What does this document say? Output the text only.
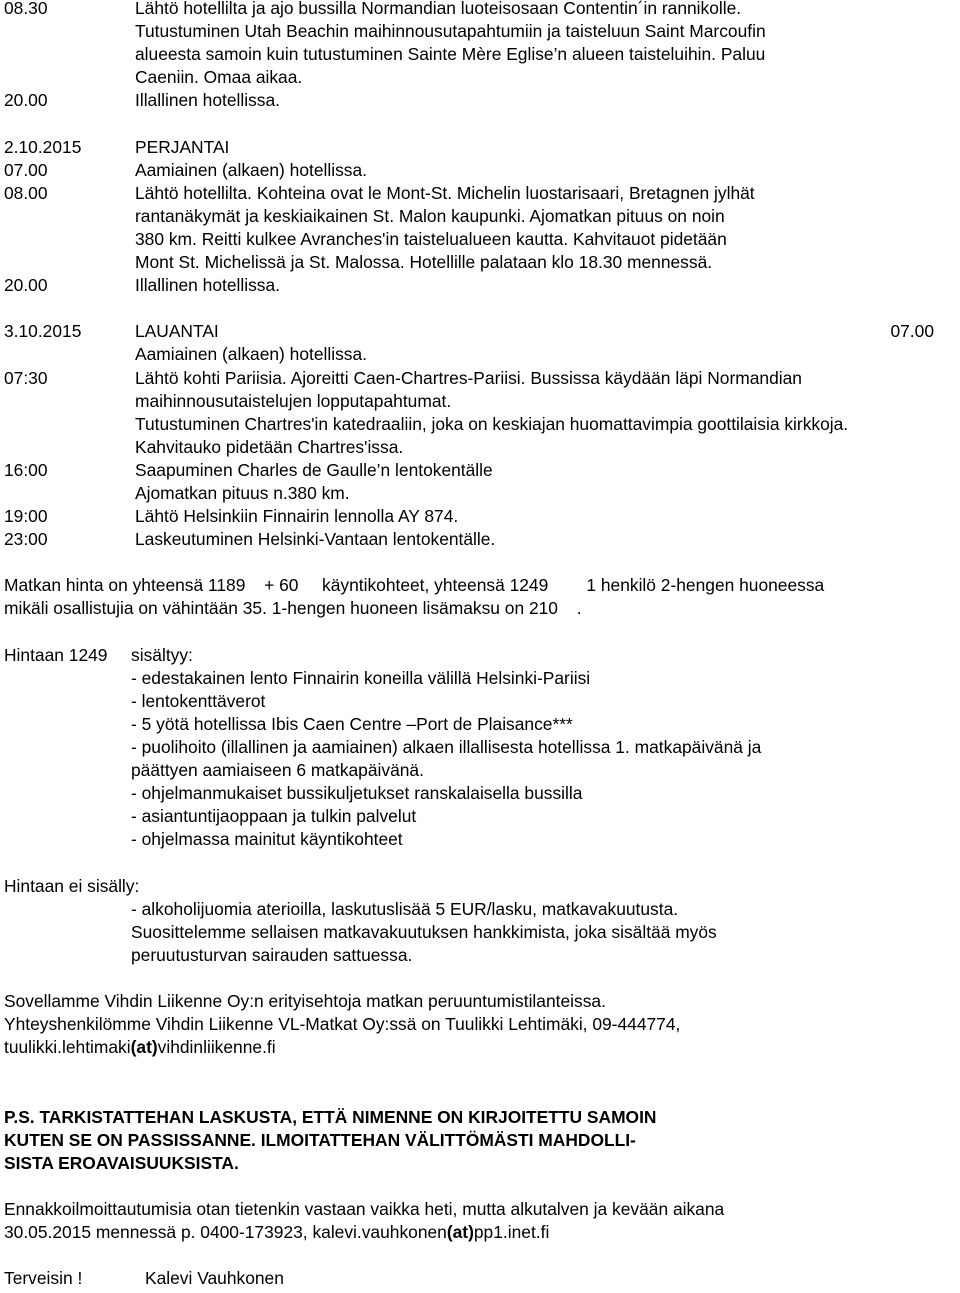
08.30	Lähtö hotellilta ja ajo bussilla Normandian luoteisosaan Contentin´in rannikolle.
Tutustuminen Utah Beachin maihinnousutapahtumiin ja taisteluun Saint Marcoufin
alueesta samoin kuin tutustuminen Sainte Mère Eglise’n alueen taisteluihin. Paluu
Caeniin. Omaa aikaa.
20.00	Illallinen hotellissa.
2.10.2015	PERJANTAI
07.00	Aamiainen (alkaen) hotellissa.
08.00	Lähtö hotellilta. Kohteina ovat le Mont-St. Michelin luostarisaari, Bretagnen jylhät
rantanäkymät ja keskiaikainen St. Malon kaupunki. Ajomatkan pituus on noin
380 km. Reitti kulkee Avranches'in taistelualueen kautta. Kahvitauot pidetään
Mont St. Michelissä ja St. Malossa. Hotellille palataan klo 18.30 mennessä.
20.00	Illallinen hotellissa.
3.10.2015	LAUANTAI	07.00
Aamiainen (alkaen) hotellissa.
07:30	Lähtö kohti Pariisia. Ajoreitti Caen-Chartres-Pariisi. Bussissa käydään läpi Normandian
maihinnousutaistelujen lopputapahtumat.
Tutustuminen Chartres'in katedraaliin, joka on keskiajan huomattavimpia goottilaisia kirkkoja.
Kahvitauko pidetään Chartres'issa.
16:00	Saapuminen Charles de Gaulle’n lentokentälle
Ajomatkan pituus n.380 km.
19:00	Lähtö Helsinkiin Finnairin lennolla AY 874.
23:00	Laskeutuminen Helsinki-Vantaan lentokentälle.
Matkan hinta on yhteensä 1189 + 60  käyntikohteet, yhteensä 1249     1 henkilö 2-hengen huoneessa
mikäli osallistujia on vähintään 35. 1-hengen huoneen lisämaksu on 210 .
Hintaan 1249  sisältyy:
- edestakainen lento Finnairin koneilla välillä Helsinki-Pariisi
- lentokenttäverot
- 5 yötä hotellissa Ibis Caen Centre –Port de Plaisance***
- puolihoito (illallinen ja aamiainen) alkaen illallisesta hotellissa 1. matkapäivänä ja
päättyen aamiaiseen 6 matkapäivänä.
- ohjelmanmukaiset bussikuljetukset ranskalaisella bussilla
- asiantuntijaoppaan ja tulkin palvelut
- ohjelmassa mainitut käyntikohteet
Hintaan ei sisälly:
- alkoholijuomia aterioilla, laskutuslisää 5 EUR/lasku, matkavakuutusta.
Suosittelemme sellaisen matkavakuutuksen hankkimista, joka sisältää myös
peruutusturvan sairauden sattuessa.
Sovellamme Vihdin Liikenne Oy:n erityisehtoja matkan peruuntumistilanteissa.
Yhteyshenkilömme Vihdin Liikenne VL-Matkat Oy:ssä on Tuulikki Lehtimäki, 09-444774,
tuulikki.lehtimaki(at)vihdinliikenne.fi
P.S. TARKISTATTEHAN LASKUSTA, ETTÄ NIMENNE ON KIRJOITETTU SAMOIN
KUTEN SE ON PASSISSANNE. ILMOITATTEHAN VÄLITTÖMÄSTI MAHDOLLI-
SISTA EROAVAISUUKSISTA.
Ennakkoilmoittautumisia otan tietenkin vastaan vaikka heti, mutta alkutalven ja kevään aikana
30.05.2015 mennessä p. 0400-173923, kalevi.vauhkonen(at)pp1.inet.fi
Terveisin !	Kalevi Vauhkonen
